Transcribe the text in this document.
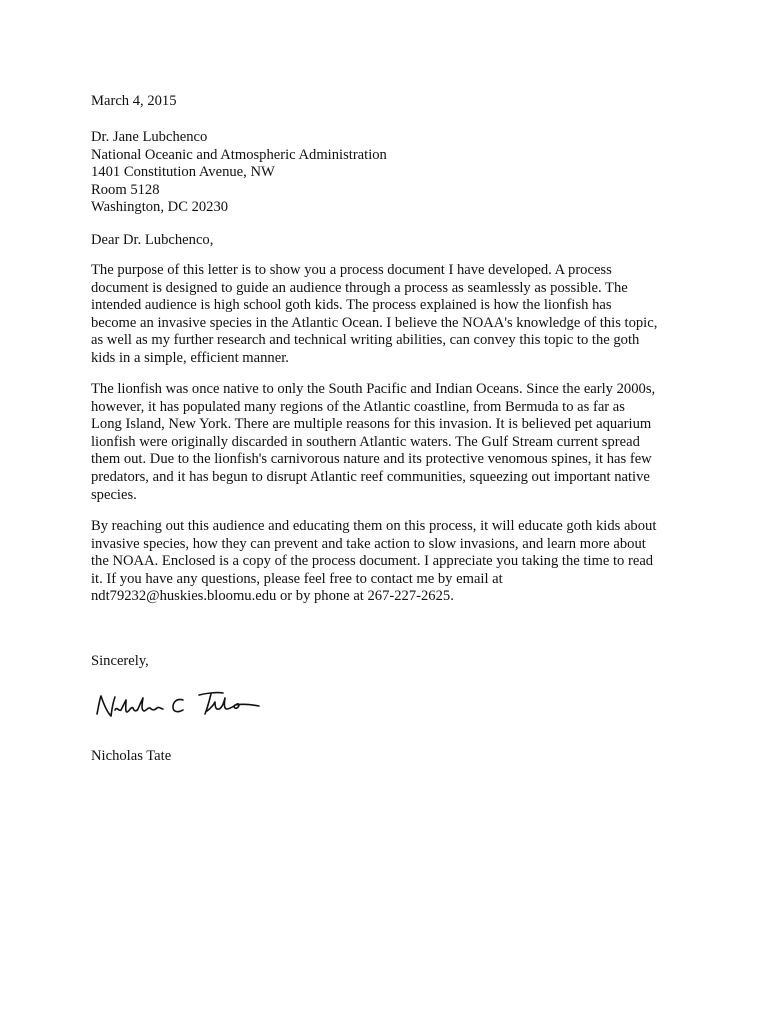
March 4, 2015
Dr. Jane Lubchenco
National Oceanic and Atmospheric Administration
1401 Constitution Avenue, NW
Room 5128
Washington, DC 20230
Dear Dr. Lubchenco,
The purpose of this letter is to show you a process document I have developed. A process
document is designed to guide an audience through a process as seamlessly as possible. The
intended audience is high school goth kids. The process explained is how the lionfish has
become an invasive species in the Atlantic Ocean. I believe the NOAA's knowledge of this topic,
as well as my further research and technical writing abilities, can convey this topic to the goth
kids in a simple, efficient manner.
The lionfish was once native to only the South Pacific and Indian Oceans. Since the early 2000s,
however, it has populated many regions of the Atlantic coastline, from Bermuda to as far as
Long Island, New York. There are multiple reasons for this invasion. It is believed pet aquarium
lionfish were originally discarded in southern Atlantic waters. The Gulf Stream current spread
them out. Due to the lionfish's carnivorous nature and its protective venomous spines, it has few
predators, and it has begun to disrupt Atlantic reef communities, squeezing out important native
species.
By reaching out this audience and educating them on this process, it will educate goth kids about
invasive species, how they can prevent and take action to slow invasions, and learn more about
the NOAA. Enclosed is a copy of the process document. I appreciate you taking the time to read
it. If you have any questions, please feel free to contact me by email at
ndt79232@huskies.bloomu.edu or by phone at 267-227-2625.
Sincerely,
Nicholas Tate
